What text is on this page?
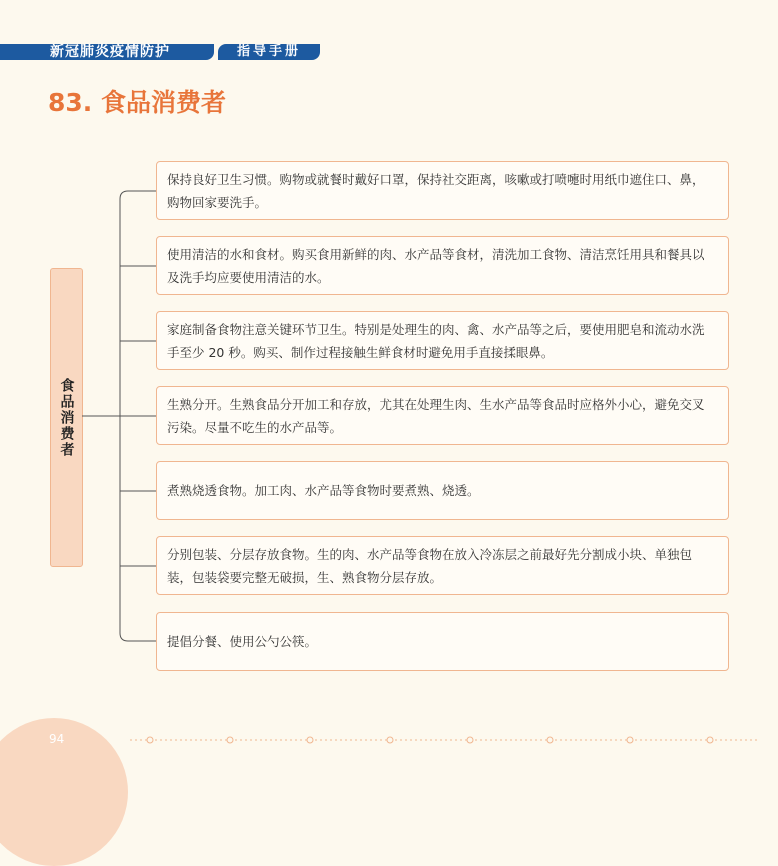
新冠肺炎疫情防护	指导手册
83. 食品消费者
食品消费者
保持良好卫生习惯。购物或就餐时戴好口罩，保持社交距离，咳嗽或打喷嚏时用纸巾遮住口、鼻，购物回家要洗手。
使用清洁的水和食材。购买食用新鲜的肉、水产品等食材，清洗加工食物、清洁烹饪用具和餐具以及洗手均应要使用清洁的水。
家庭制备食物注意关键环节卫生。特别是处理生的肉、禽、水产品等之后，要使用肥皂和流动水洗手至少 20 秒。购买、制作过程接触生鲜食材时避免用手直接揉眼鼻。
生熟分开。生熟食品分开加工和存放，尤其在处理生肉、生水产品等食品时应格外小心，避免交叉污染。尽量不吃生的水产品等。
煮熟烧透食物。加工肉、水产品等食物时要煮熟、烧透。
分别包装、分层存放食物。生的肉、水产品等食物在放入冷冻层之前最好先分割成小块、单独包装，包装袋要完整无破损，生、熟食物分层存放。
提倡分餐、使用公勺公筷。
94
